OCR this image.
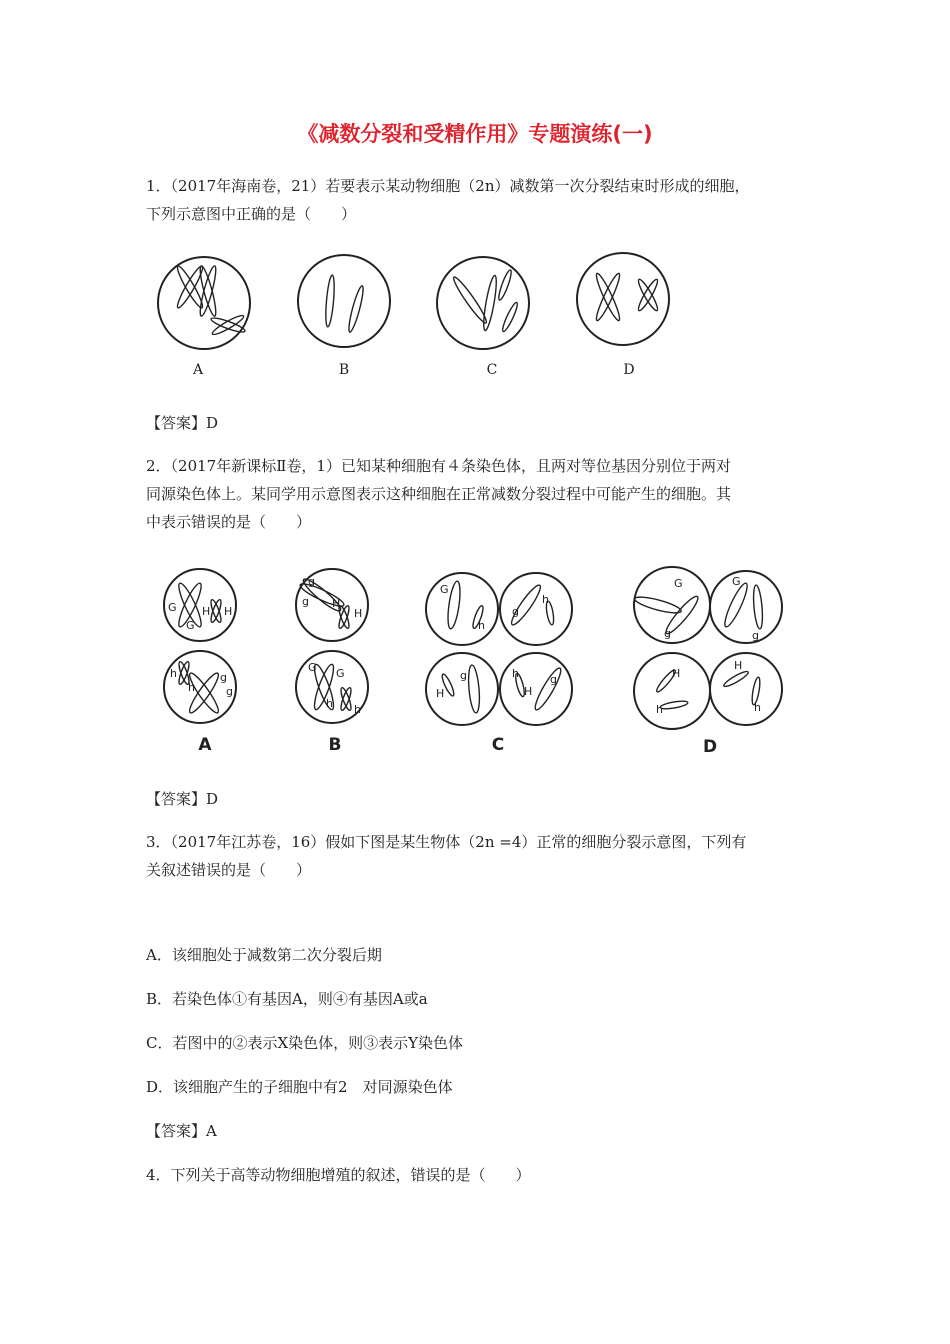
《减数分裂和受精作用》专题演练(一)
1．（2017年海南卷，21）若要表示某动物细胞（2n）减数第一次分裂结束时形成的细胞，
下列示意图中正确的是（　　）
A	B	C	D
【答案】D
2．（2017年新课标Ⅱ卷，1）已知某种细胞有４条染色体，且两对等位基因分别位于两对
同源染色体上。某同学用示意图表示这种细胞在正常减数分裂过程中可能产生的细胞。其
中表示错误的是（　　）
G
G
H H
h
h
g
g
g
g H
H
G G
h h
G
h
g
h
H
g	h
H
g
G
g
G
g
H
h
H
h
A	B	C	D
【答案】D
3．（2017年江苏卷，16）假如下图是某生物体（2n =4）正常的细胞分裂示意图，下列有
关叙述错误的是（　　）
A．该细胞处于减数第二次分裂后期
B．若染色体①有基因A，则④有基因A或a
C．若图中的②表示X染色体，则③表示Y染色体
D．该细胞产生的子细胞中有2　对同源染色体
【答案】A
4．下列关于高等动物细胞增殖的叙述，错误的是（　　）
